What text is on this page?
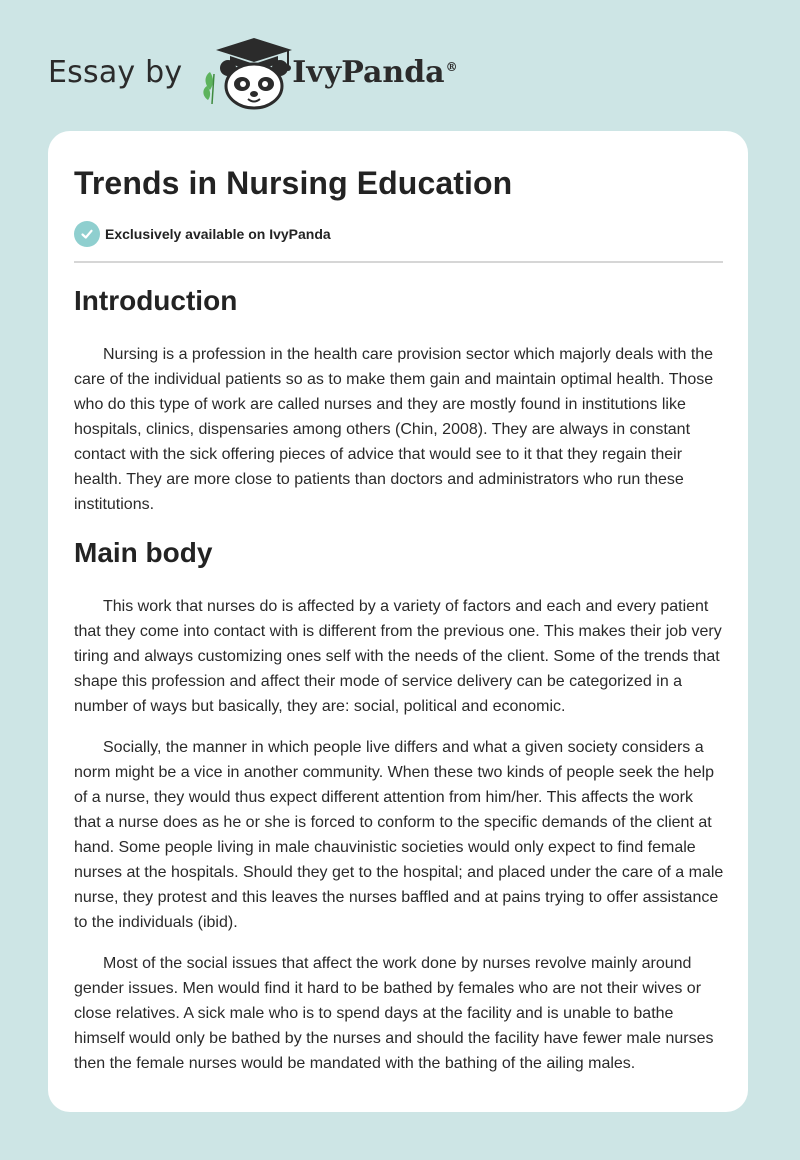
Essay by	IvyPanda®
Trends in Nursing Education
Exclusively available on IvyPanda
Introduction

Nursing is a profession in the health care provision sector which majorly deals with the care of the individual patients so as to make them gain and maintain optimal health. Those who do this type of work are called nurses and they are mostly found in institutions like hospitals, clinics, dispensaries among others (Chin, 2008). They are always in constant contact with the sick offering pieces of advice that would see to it that they regain their health. They are more close to patients than doctors and administrators who run these institutions.

Main body

This work that nurses do is affected by a variety of factors and each and every patient that they come into contact with is different from the previous one. This makes their job very tiring and always customizing ones self with the needs of the client. Some of the trends that shape this profession and affect their mode of service delivery can be categorized in a number of ways but basically, they are: social, political and economic.

Socially, the manner in which people live differs and what a given society considers a norm might be a vice in another community. When these two kinds of people seek the help of a nurse, they would thus expect different attention from him/her. This affects the work that a nurse does as he or she is forced to conform to the specific demands of the client at hand. Some people living in male chauvinistic societies would only expect to find female nurses at the hospitals. Should they get to the hospital; and placed under the care of a male nurse, they protest and this leaves the nurses baffled and at pains trying to offer assistance to the individuals (ibid).

Most of the social issues that affect the work done by nurses revolve mainly around gender issues. Men would find it hard to be bathed by females who are not their wives or close relatives. A sick male who is to spend days at the facility and is unable to bathe himself would only be bathed by the nurses and should the facility have fewer male nurses then the female nurses would be mandated with the bathing of the ailing males.
